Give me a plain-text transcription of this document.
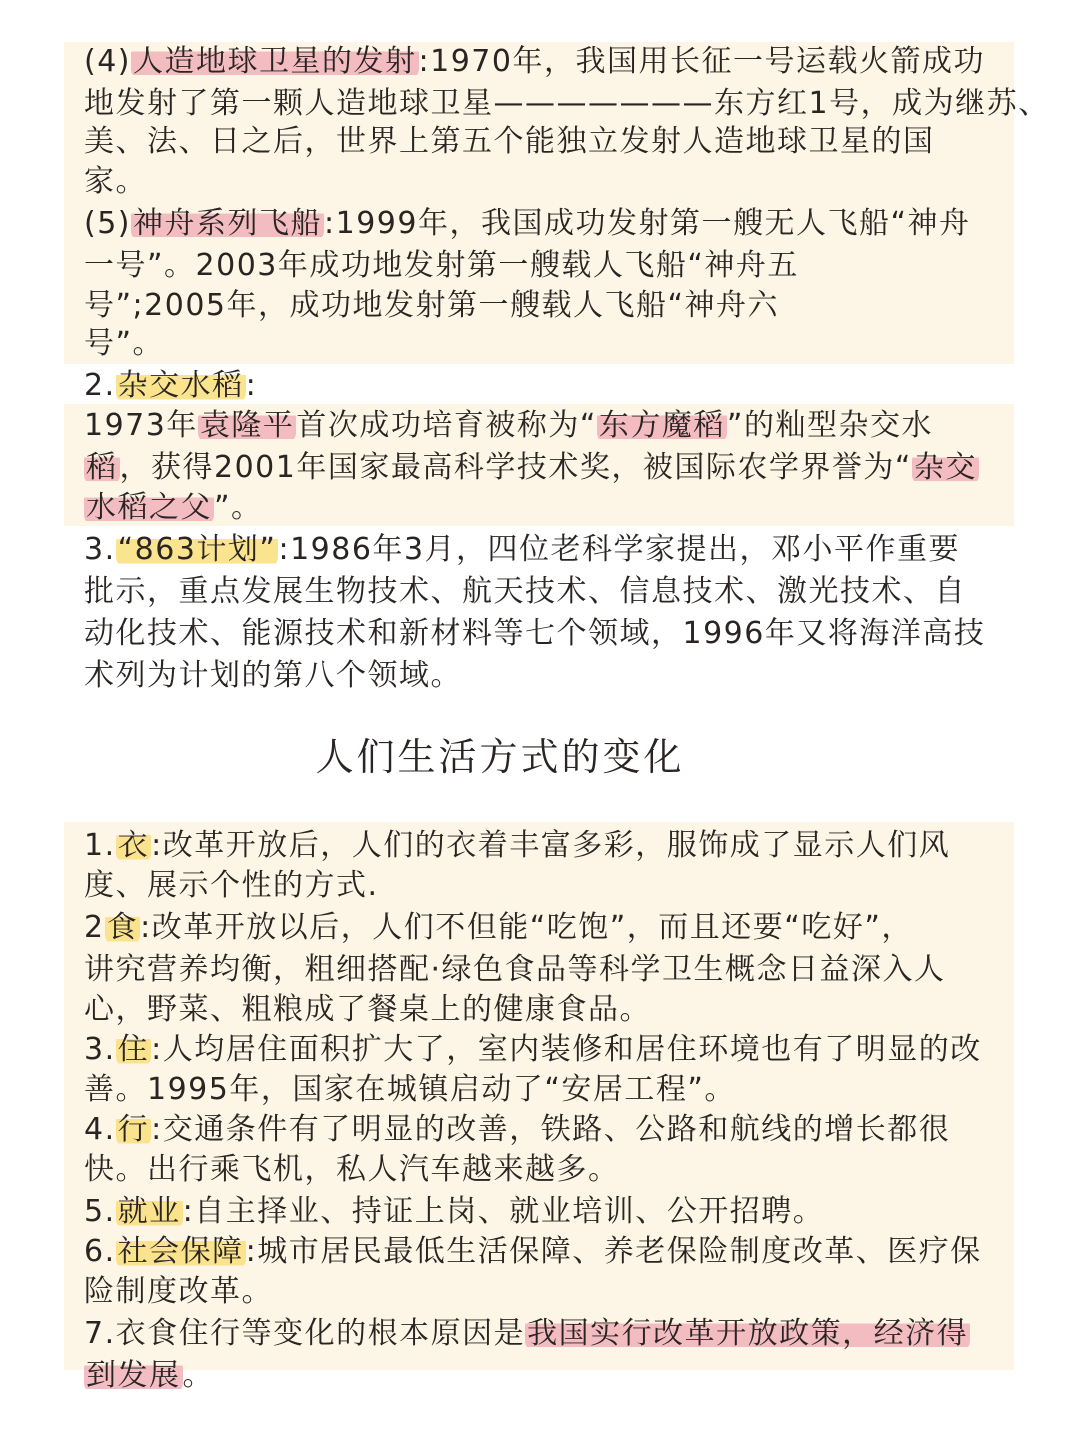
(4)人造地球卫星的发射:1970年，我国用长征一号运载火箭成功
地发射了第一颗人造地球卫星———————东方红1号，成为继苏、
美、法、日之后，世界上第五个能独立发射人造地球卫星的国
家。
(5)神舟系列飞船:1999年，我国成功发射第一艘无人飞船“神舟
一号”。2003年成功地发射第一艘载人飞船“神舟五
号”;2005年，成功地发射第一艘载人飞船“神舟六
号”。
2.杂交水稻:
1973年袁隆平首次成功培育被称为“东方魔稻”的籼型杂交水
稻，获得2001年国家最高科学技术奖，被国际农学界誉为“杂交
水稻之父”。
3.“863计划”:1986年3月，四位老科学家提出，邓小平作重要
批示，重点发展生物技术、航天技术、信息技术、激光技术、自
动化技术、能源技术和新材料等七个领域，1996年又将海洋高技
术列为计划的第八个领域。
人们生活方式的变化
1.衣:改革开放后，人们的衣着丰富多彩，服饰成了显示人们风
度、展示个性的方式.
2食:改革开放以后，人们不但能“吃饱”，而且还要“吃好”，
讲究营养均衡，粗细搭配·绿色食品等科学卫生概念日益深入人
心，野菜、粗粮成了餐桌上的健康食品。
3.住:人均居住面积扩大了，室内装修和居住环境也有了明显的改
善。1995年，国家在城镇启动了“安居工程”。
4.行:交通条件有了明显的改善，铁路、公路和航线的增长都很
快。出行乘飞机，私人汽车越来越多。
5.就业:自主择业、持证上岗、就业培训、公开招聘。
6.社会保障:城市居民最低生活保障、养老保险制度改革、医疗保
险制度改革。
7.衣食住行等变化的根本原因是我国实行改革开放政策，经济得
到发展。
